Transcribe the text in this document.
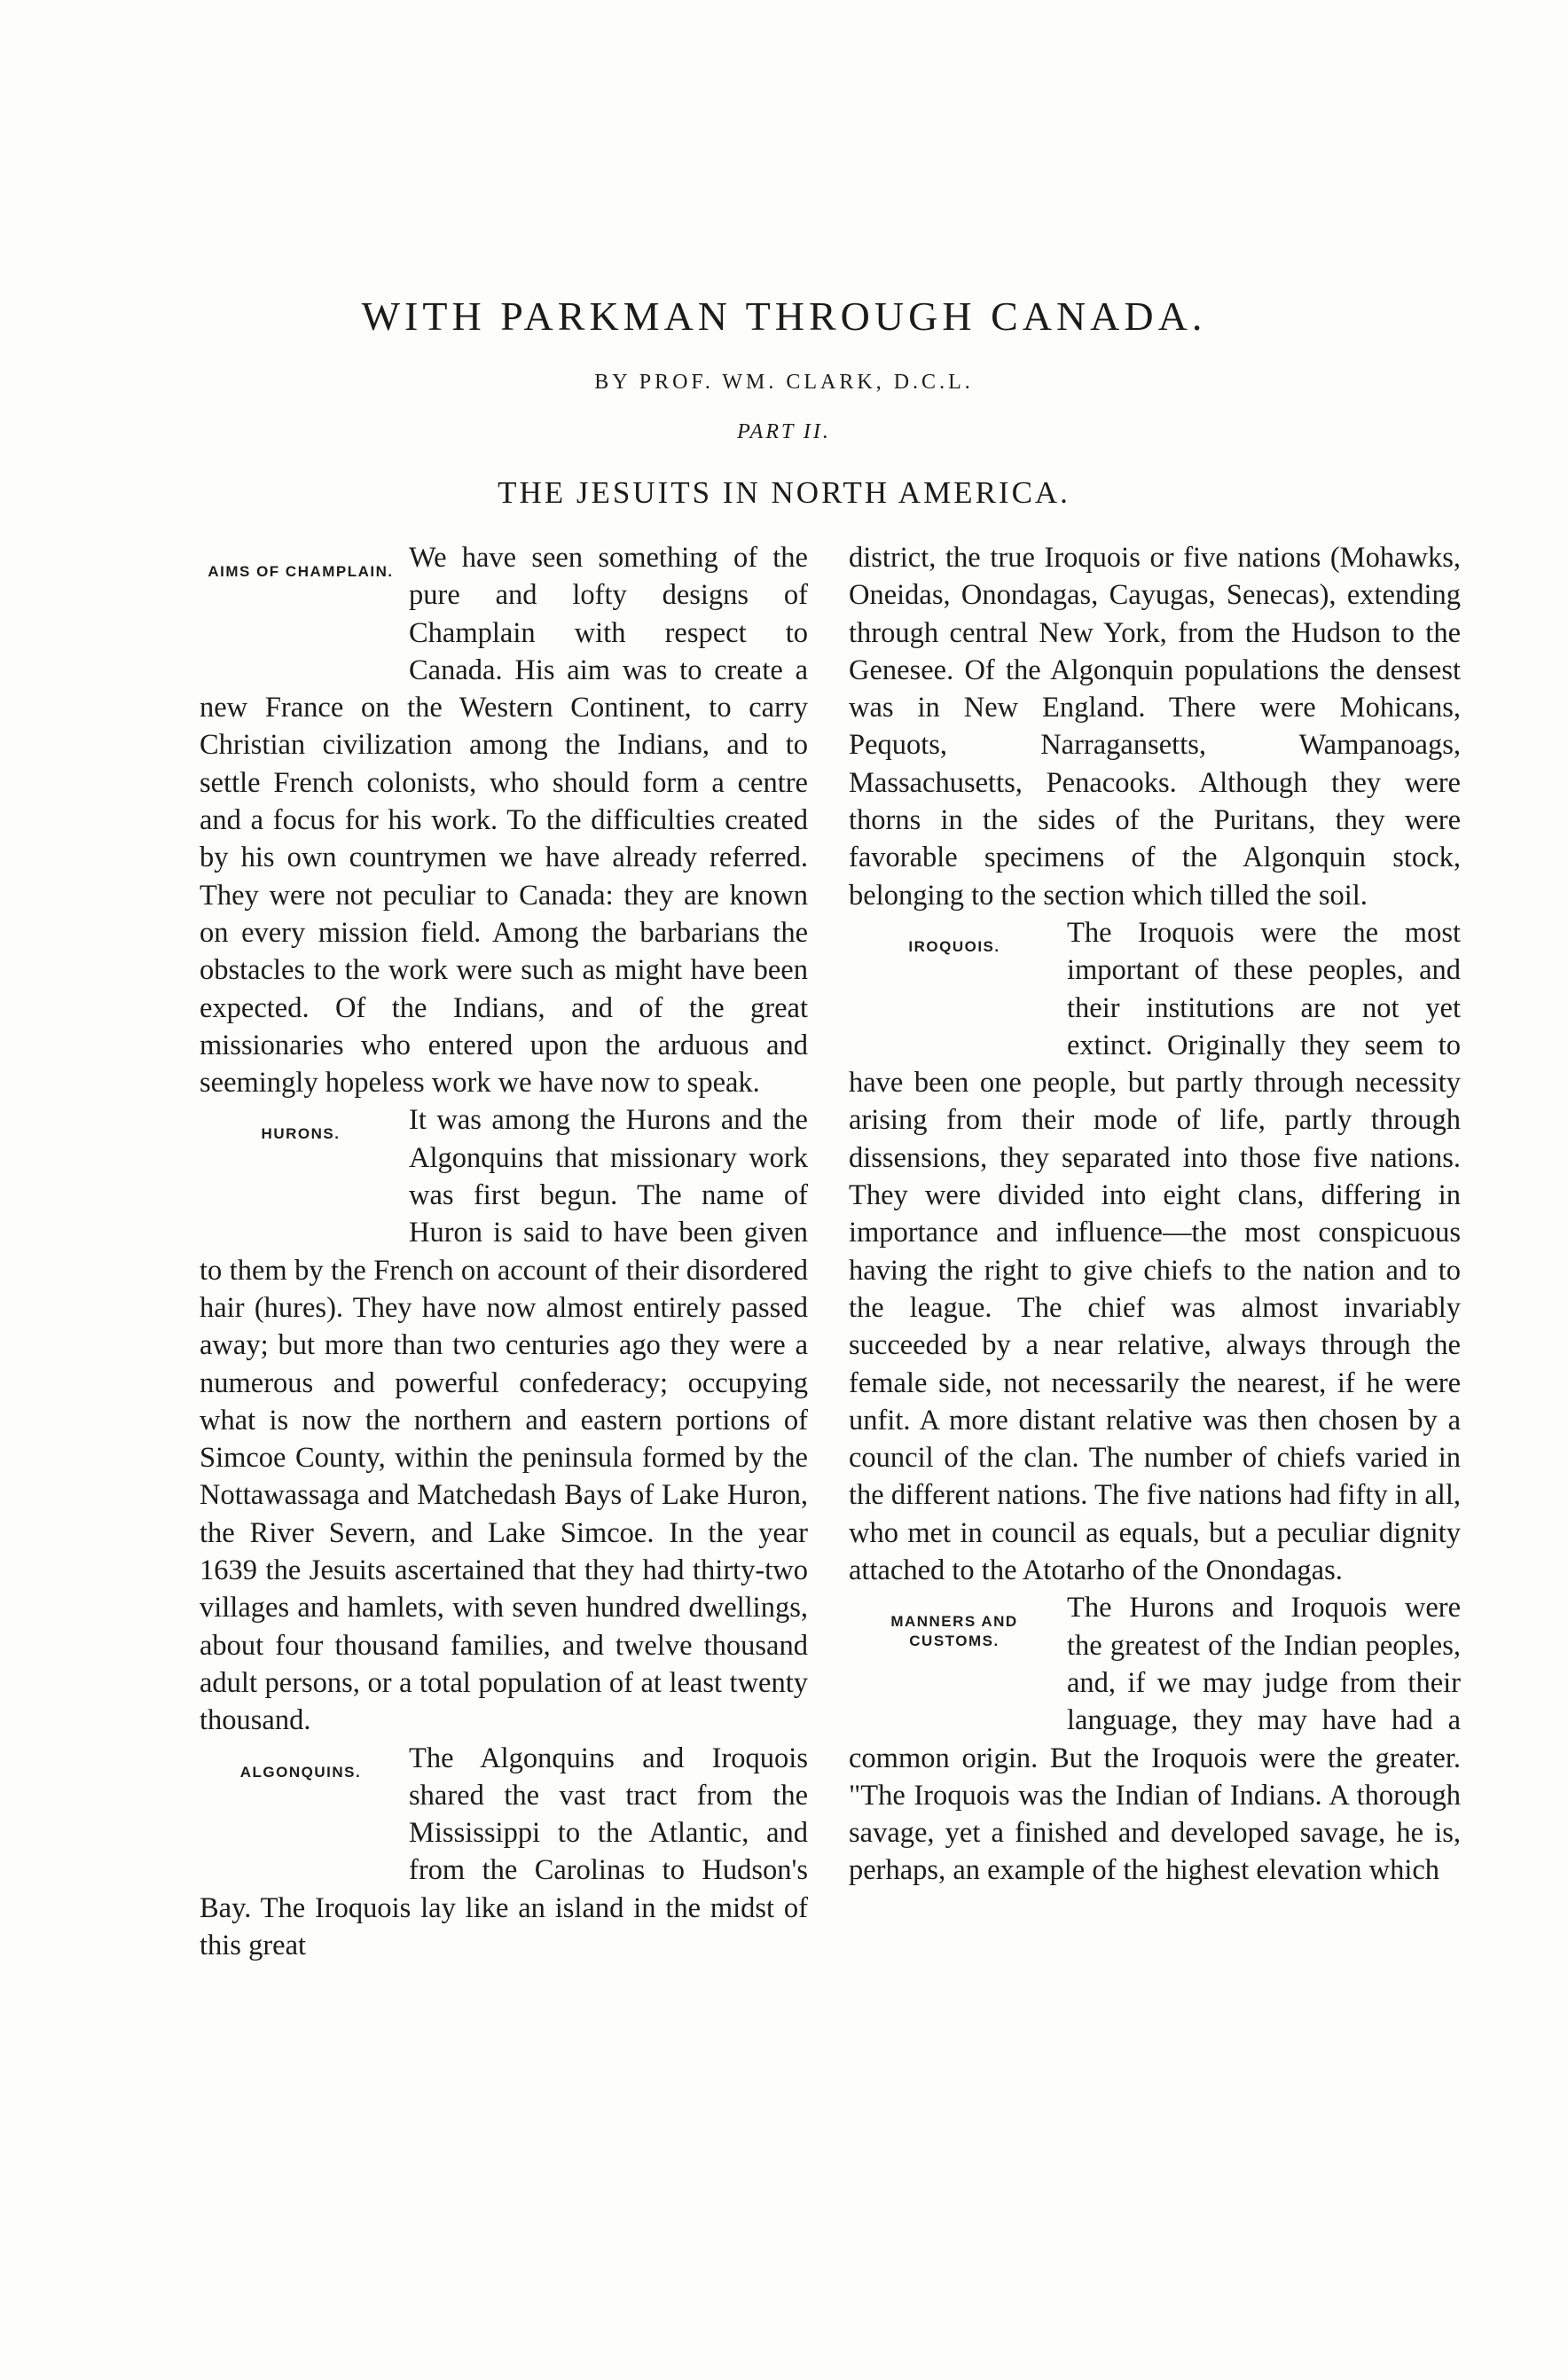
WITH PARKMAN THROUGH CANADA.
BY PROF. WM. CLARK, D.C.L.
PART II.
THE JESUITS IN NORTH AMERICA.

AIMS OF CHAMPLAIN. We have seen something of the pure and lofty designs of Champlain with respect to Canada. His aim was to create a new France on the Western Continent, to carry Christian civilization among the Indians, and to settle French colonists, who should form a centre and a focus for his work. To the difficulties created by his own countrymen we have already referred. They were not peculiar to Canada: they are known on every mission field. Among the barbarians the obstacles to the work were such as might have been expected. Of the Indians, and of the great missionaries who entered upon the arduous and seemingly hopeless work we have now to speak.

HURONS.	It was among the Hurons and the Algonquins that missionary work was first begun. The name of Huron is said to have been given to them by the French on account of their disordered hair (hures). They have now almost entirely passed away; but more than two centuries ago they were a numerous and powerful confederacy; occupying what is now the northern and eastern portions of Simcoe County, within the peninsula formed by the Nottawassaga and Matchedash Bays of Lake Huron, the River Severn, and Lake Simcoe. In the year 1639 the Jesuits ascertained that they had thirty-two villages and hamlets, with seven hundred dwellings, about four thousand families, and twelve thousand adult persons, or a total population of at least twenty thousand.

ALGONQUINS.	The Algonquins and Iroquois shared the vast tract from the Mississippi to the Atlantic, and from the Carolinas to Hudson's Bay. The Iroquois lay like an island in the midst of this great

district, the true Iroquois or five nations (Mohawks, Oneidas, Onondagas, Cayugas, Senecas), extending through central New York, from the Hudson to the Genesee. Of the Algonquin populations the densest was in New England. There were Mohicans, Pequots, Narragansetts, Wampanoags, Massachusetts, Penacooks. Although they were thorns in the sides of the Puritans, they were favorable specimens of the Algonquin stock, belonging to the section which tilled the soil.

IROQUOIS.	The Iroquois were the most important of these peoples, and their institutions are not yet extinct. Originally they seem to have been one people, but partly through necessity arising from their mode of life, partly through dissensions, they separated into those five nations. They were divided into eight clans, differing in importance and influence—the most conspicuous having the right to give chiefs to the nation and to the league. The chief was almost invariably succeeded by a near relative, always through the female side, not necessarily the nearest, if he were unfit. A more distant relative was then chosen by a council of the clan. The number of chiefs varied in the different nations. The five nations had fifty in all, who met in council as equals, but a peculiar dignity attached to the Atotarho of the Onondagas.

MANNERS AND CUSTOMS.
The Hurons and Iroquois were the greatest of the Indian peoples, and, if we may judge from their language, they may have had a common origin. But the Iroquois were the greater. "The Iroquois was the Indian of Indians. A thorough savage, yet a finished and developed savage, he is, perhaps, an example of the highest elevation which
